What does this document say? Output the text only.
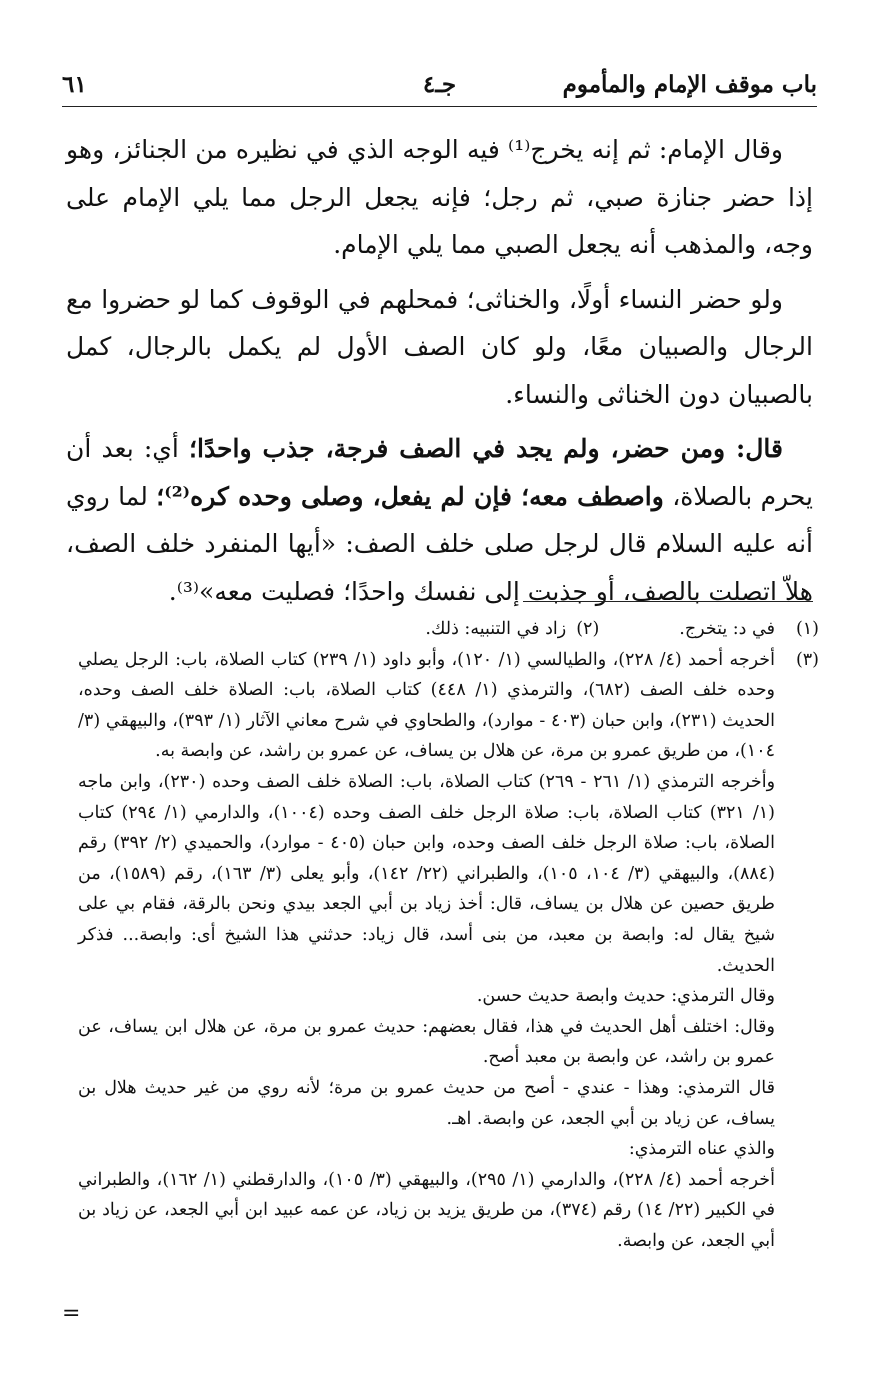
باب موقف الإمام والمأموم
جـ٤
٦١

وقال الإمام: ثم إنه يخرج⁽¹⁾ فيه الوجه الذي في نظيره من الجنائز، وهو إذا حضر جنازة صبي، ثم رجل؛ فإنه يجعل الرجل مما يلي الإمام على وجه، والمذهب أنه يجعل الصبي مما يلي الإمام.

ولو حضر النساء أولًا، والخناثى؛ فمحلهم في الوقوف كما لو حضروا مع الرجال والصبيان معًا، ولو كان الصف الأول لم يكمل بالرجال، كمل بالصبيان دون الخناثى والنساء.

قال: ومن حضر، ولم يجد في الصف فرجة، جذب واحدًا؛ أي: بعد أن يحرم بالصلاة، واصطف معه؛ فإن لم يفعل، وصلى وحده كره⁽²⁾؛ لما روي أنه عليه السلام قال لرجل صلى خلف الصف: «أيها المنفرد خلف الصف، هلاّ اتصلت بالصف، أو جذبت إلى نفسك واحدًا؛ فصليت معه»⁽³⁾.

(١)
في د: يتخرج.
(٢)
زاد في التنبيه: ذلك.
(٣)

أخرجه أحمد (٤/ ٢٢٨)، والطيالسي (١/ ١٢٠)، وأبو داود (١/ ٢٣٩) كتاب الصلاة، باب: الرجل يصلي وحده خلف الصف (٦٨٢)، والترمذي (١/ ٤٤٨) كتاب الصلاة، باب: الصلاة خلف الصف وحده، الحديث (٢٣١)، وابن حبان (٤٠٣ - موارد)، والطحاوي في شرح معاني الآثار (١/ ٣٩٣)، والبيهقي (٣/ ١٠٤)، من طريق عمرو بن مرة، عن هلال بن يساف، عن عمرو بن راشد، عن وابصة به.

وأخرجه الترمذي (١/ ٢٦١ - ٢٦٩) كتاب الصلاة، باب: الصلاة خلف الصف وحده (٢٣٠)، وابن ماجه (١/ ٣٢١) كتاب الصلاة، باب: صلاة الرجل خلف الصف وحده (١٠٠٤)، والدارمي (١/ ٢٩٤) كتاب الصلاة، باب: صلاة الرجل خلف الصف وحده، وابن حبان (٤٠٥ - موارد)، والحميدي (٢/ ٣٩٢) رقم (٨٨٤)، والبيهقي (٣/ ١٠٤، ١٠٥)، والطبراني (٢٢/ ١٤٢)، وأبو يعلى (٣/ ١٦٣)، رقم (١٥٨٩)، من طريق حصين عن هلال بن يساف، قال: أخذ زياد بن أبي الجعد بيدي ونحن بالرقة، فقام بي على شيخ يقال له: وابصة بن معبد، من بنى أسد، قال زياد: حدثني هذا الشيخ أى: وابصة... فذكر الحديث.

وقال الترمذي: حديث وابصة حديث حسن.

وقال: اختلف أهل الحديث في هذا، فقال بعضهم: حديث عمرو بن مرة، عن هلال ابن يساف، عن عمرو بن راشد، عن وابصة بن معبد أصح.

قال الترمذي: وهذا - عندي - أصح من حديث عمرو بن مرة؛ لأنه روي من غير حديث هلال بن يساف، عن زياد بن أبي الجعد، عن وابصة. اهـ.

والذي عناه الترمذي:

أخرجه أحمد (٤/ ٢٢٨)، والدارمي (١/ ٢٩٥)، والبيهقي (٣/ ١٠٥)، والدارقطني (١/ ١٦٢)، والطبراني في الكبير (٢٢/ ١٤) رقم (٣٧٤)، من طريق يزيد بن زياد، عن عمه عبيد ابن أبي الجعد، عن زياد بن أبي الجعد، عن وابصة.

=
